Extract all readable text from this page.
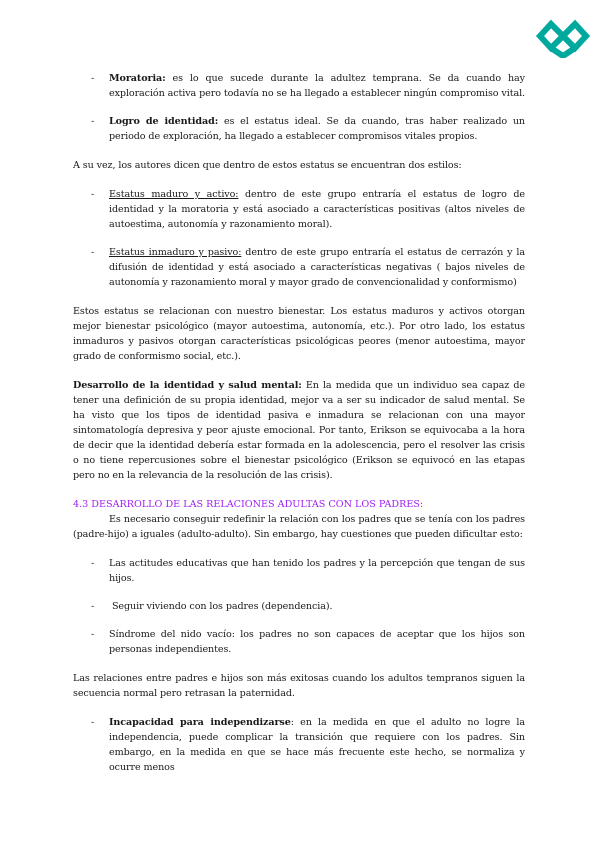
- Moratoria: es lo que sucede durante la adultez temprana. Se da cuando hay exploración activa pero todavía no se ha llegado a establecer ningún compromiso vital.
- Logro de identidad: es el estatus ideal. Se da cuando, tras haber realizado un periodo de exploración, ha llegado a establecer compromisos vitales propios.

A su vez, los autores dicen que dentro de estos estatus se encuentran dos estilos:

- Estatus maduro y activo: dentro de este grupo entraría el estatus de logro de identidad y la moratoria y está asociado a características positivas (altos niveles de autoestima, autonomía y razonamiento moral).
- Estatus inmaduro y pasivo: dentro de este grupo entraría el estatus de cerrazón y la difusión de identidad y está asociado a características negativas ( bajos niveles de autonomía y razonamiento moral y mayor grado de convencionalidad y conformismo)

Estos estatus se relacionan con nuestro bienestar. Los estatus maduros y activos otorgan mejor bienestar psicológico (mayor autoestima, autonomía, etc.). Por otro lado, los estatus inmaduros y pasivos otorgan características psicológicas peores (menor autoestima, mayor grado de conformismo social, etc.).

Desarrollo de la identidad y salud mental: En la medida que un individuo sea capaz de tener una definición de su propia identidad, mejor va a ser su indicador de salud mental. Se ha visto que los tipos de identidad pasiva e inmadura se relacionan con una mayor sintomatología depresiva y peor ajuste emocional. Por tanto, Erikson se equivocaba a la hora de decir que la identidad debería estar formada en la adolescencia, pero el resolver las crisis o no tiene repercusiones sobre el bienestar psicológico (Erikson se equivocó en las etapas pero no en la relevancia de la resolución de las crisis).

4.3 DESARROLLO DE LAS RELACIONES ADULTAS CON LOS PADRES:

Es necesario conseguir redefinir la relación con los padres que se tenía con los padres (padre-hijo) a iguales (adulto-adulto). Sin embargo, hay cuestiones que pueden dificultar esto:

- Las actitudes educativas que han tenido los padres y la percepción que tengan de sus hijos.
- Seguir viviendo con los padres (dependencia).
- Síndrome del nido vacío: los padres no son capaces de aceptar que los hijos son personas independientes.

Las relaciones entre padres e hijos son más exitosas cuando los adultos tempranos siguen la secuencia normal pero retrasan la paternidad.

- Incapacidad para independizarse: en la medida en que el adulto no logre la independencia, puede complicar la transición que requiere con los padres. Sin embargo, en la medida en que se hace más frecuente este hecho, se normaliza y ocurre menos
